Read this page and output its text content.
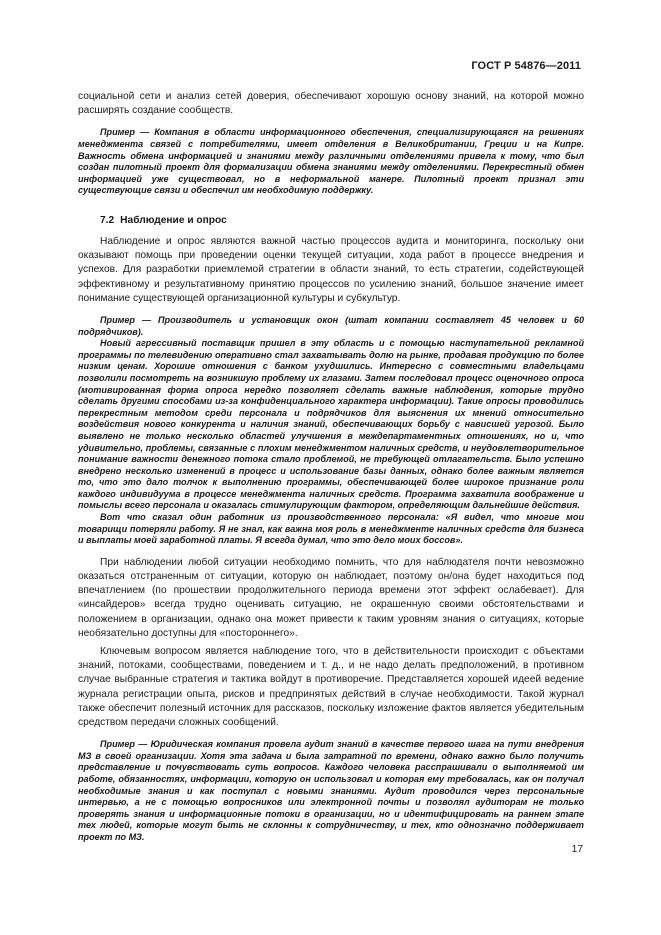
ГОСТ Р 54876—2011

социальной сети и анализ сетей доверия, обеспечивают хорошую основу знаний, на которой можно расширять создание сообществ.

Пример — Компания в области информационного обеспечения, специализирующаяся на решениях менеджмента связей с потребителями, имеет отделения в Великобритании, Греции и на Кипре. Важность обмена информацией и знаниями между различными отделениями привела к тому, что был создан пилотный проект для формализации обмена знаниями между отделениями. Перекрестный обмен информацией уже существовал, но в неформальной манере. Пилотный проект признал эти существующие связи и обеспечил им необходимую поддержку.

7.2 Наблюдение и опрос

Наблюдение и опрос являются важной частью процессов аудита и мониторинга, поскольку они оказывают помощь при проведении оценки текущей ситуации, хода работ в процессе внедрения и успехов. Для разработки приемлемой стратегии в области знаний, то есть стратегии, содействующей эффективному и результативному принятию процессов по усилению знаний, большое значение имеет понимание существующей организационной культуры и субкультур.

Пример — Производитель и установщик окон (штат компании составляет 45 человек и 60 подрядчиков).

Новый агрессивный поставщик пришел в эту область и с помощью наступательной рекламной программы по телевидению оперативно стал захватывать долю на рынке, продавая продукцию по более низким ценам. Хорошие отношения с банком ухудшились. Интересно с совместными владельцами позволили посмотреть на возникшую проблему их глазами. Затем последовал процесс оценочного опроса (мотивированная форма опроса нередко позволяет сделать важные наблюдения, которые трудно сделать другими способами из-за конфиденциального характера информации). Такие опросы проводились перекрестным методом среди персонала и подрядчиков для выяснения их мнений относительно воздействия нового конкурента и наличия знаний, обеспечивающих борьбу с нависшей угрозой. Было выявлено не только несколько областей улучшения в междепартаментных отношениях, но и, что удивительно, проблемы, связанные с плохим менеджментом наличных средств, и неудовлетворительное понимание важности денежного потока стало проблемой, не требующей отлагательств. Было успешно внедрено несколько изменений в процесс и использование базы данных, однако более важным является то, что это дало толчок к выполнению программы, обеспечивающей более широкое признание роли каждого индивидуума в процессе менеджмента наличных средств. Программа захватила воображение и помыслы всего персонала и оказалась стимулирующим фактором, определяющим дальнейшие действия.

Вот что сказал один работник из производственного персонала: «Я видел, что многие мои товарищи потеряли работу. Я не знал, как важна моя роль в менеджменте наличных средств для бизнеса и выплаты моей заработной платы. Я всегда думал, что это дело моих боссов».

При наблюдении любой ситуации необходимо помнить, что для наблюдателя почти невозможно оказаться отстраненным от ситуации, которую он наблюдает, поэтому он/она будет находиться под впечатлением (по прошествии продолжительного периода времени этот эффект ослабевает). Для «инсайдеров» всегда трудно оценивать ситуацию, не окрашенную своими обстоятельствами и положением в организации, однако она может привести к таким уровням знания о ситуациях, которые необязательно доступны для «постороннего».

Ключевым вопросом является наблюдение того, что в действительности происходит с объектами знаний, потоками, сообществами, поведением и т. д., и не надо делать предположений, в противном случае выбранные стратегия и тактика войдут в противоречие. Представляется хорошей идеей ведение журнала регистрации опыта, рисков и предпринятых действий в случае необходимости. Такой журнал также обеспечит полезный источник для рассказов, поскольку изложение фактов является убедительным средством передачи сложных сообщений.

Пример — Юридическая компания провела аудит знаний в качестве первого шага на пути внедрения МЗ в своей организации. Хотя эта задача и была затратной по времени, однако важно было получить представление и почувствовать суть вопросов. Каждого человека расспрашивали о выполняемой им работе, обязанностях, информации, которую он использовал и которая ему требовалась, как он получал необходимые знания и как поступал с новыми знаниями. Аудит проводился через персональные интервью, а не с помощью вопросников или электронной почты и позволял аудиторам не только проверять знания и информационные потоки в организации, но и идентифицировать на раннем этапе тех людей, которые могут быть не склонны к сотрудничеству, и тех, кто однозначно поддерживает проект по МЗ.

17
